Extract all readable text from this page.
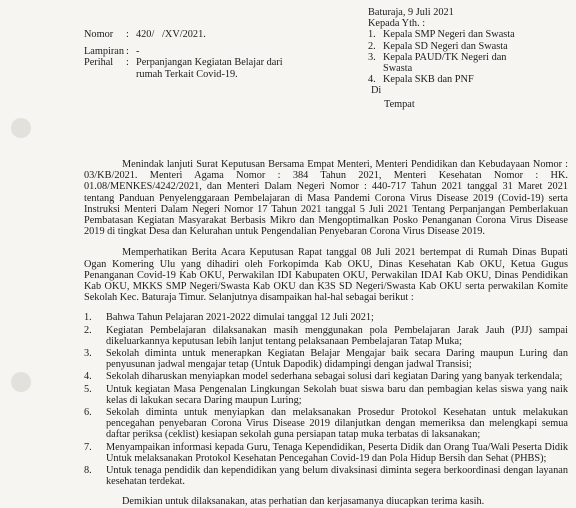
Baturaja, 9 Juli 2021
Kepada Yth. :
1. Kepala SMP Negeri dan Swasta
2. Kepala SD Negeri dan Swasta
3. Kepala PAUD/TK Negeri dan Swasta
4. Kepala SKB dan PNF
Di
Tempat
Nomor	: 420/   /XV/2021.
Lampiran : -
Perihal	: Perpanjangan Kegiatan Belajar dari rumah Terkait Covid-19.

Menindak lanjuti Surat Keputusan Bersama Empat Menteri, Menteri Pendidikan dan Kebudayaan Nomor : 03/KB/2021. Menteri Agama Nomor : 384 Tahun 2021, Menteri Kesehatan Nomor : HK. 01.08/MENKES/4242/2021, dan Menteri Dalam Negeri Nomor : 440-717 Tahun 2021 tanggal 31 Maret 2021 tentang Panduan Penyelenggaraan Pembelajaran di Masa Pandemi Corona Virus Disease 2019 (Covid-19) serta Instruksi Menteri Dalam Negeri Nomor 17 Tahun 2021 tanggal 5 Juli 2021 Tentang Perpanjangan Pemberlakuan Pembatasan Kegiatan Masyarakat Berbasis Mikro dan Mengoptimalkan Posko Penanganan Corona Virus Disease 2019 di tingkat Desa dan Kelurahan untuk Pengendalian Penyebaran Corona Virus Disease 2019.

Memperhatikan Berita Acara Keputusan Rapat tanggal 08 Juli 2021 bertempat di Rumah Dinas Bupati Ogan Komering Ulu yang dihadiri oleh Forkopimda Kab OKU, Dinas Kesehatan Kab OKU, Ketua Gugus Penanganan Covid-19 Kab OKU, Perwakilan IDI Kabupaten OKU, Perwakilan IDAI Kab OKU, Dinas Pendidikan Kab OKU, MKKS SMP Negeri/Swasta Kab OKU dan K3S SD Negeri/Swasta Kab OKU serta perwakilan Komite Sekolah Kec. Baturaja Timur. Selanjutnya disampaikan hal-hal sebagai berikut :

1.	Bahwa Tahun Pelajaran 2021-2022 dimulai tanggal 12 Juli 2021;
2.	Kegiatan Pembelajaran dilaksanakan masih menggunakan pola Pembelajaran Jarak Jauh (PJJ) sampai dikeluarkannya keputusan lebih lanjut tentang pelaksanaan Pembelajaran Tatap Muka;
3.	Sekolah diminta untuk menerapkan Kegiatan Belajar Mengajar baik secara Daring maupun Luring dan penyusunan jadwal mengajar tetap (Untuk Dapodik) didampingi dengan jadwal Transisi;
4.	Sekolah diharuskan menyiapkan model sederhana sebagai solusi dari kegiatan Daring yang banyak terkendala;
5.	Untuk kegiatan Masa Pengenalan Lingkungan Sekolah buat siswa baru dan pembagian kelas siswa yang naik kelas di lakukan secara Daring maupun Luring;
6.	Sekolah diminta untuk menyiapkan dan melaksanakan Prosedur Protokol Kesehatan untuk melakukan pencegahan penyebaran Corona Virus Disease 2019 dilanjutkan dengan memeriksa dan melengkapi semua daftar periksa (ceklist) kesiapan sekolah guna persiapan tatap muka terbatas di laksanakan;
7.	Menyampaikan informasi kepada Guru, Tenaga Kependidikan, Peserta Didik dan Orang Tua/Wali Peserta Didik Untuk melaksanakan Protokol Kesehatan Pencegahan Covid-19 dan Pola Hidup Bersih dan Sehat (PHBS);
8.	Untuk tenaga pendidik dan kependidikan yang belum divaksinasi diminta segera berkoordinasi dengan layanan kesehatan terdekat.

Demikian untuk dilaksanakan, atas perhatian dan kerjasamanya diucapkan terima kasih.
